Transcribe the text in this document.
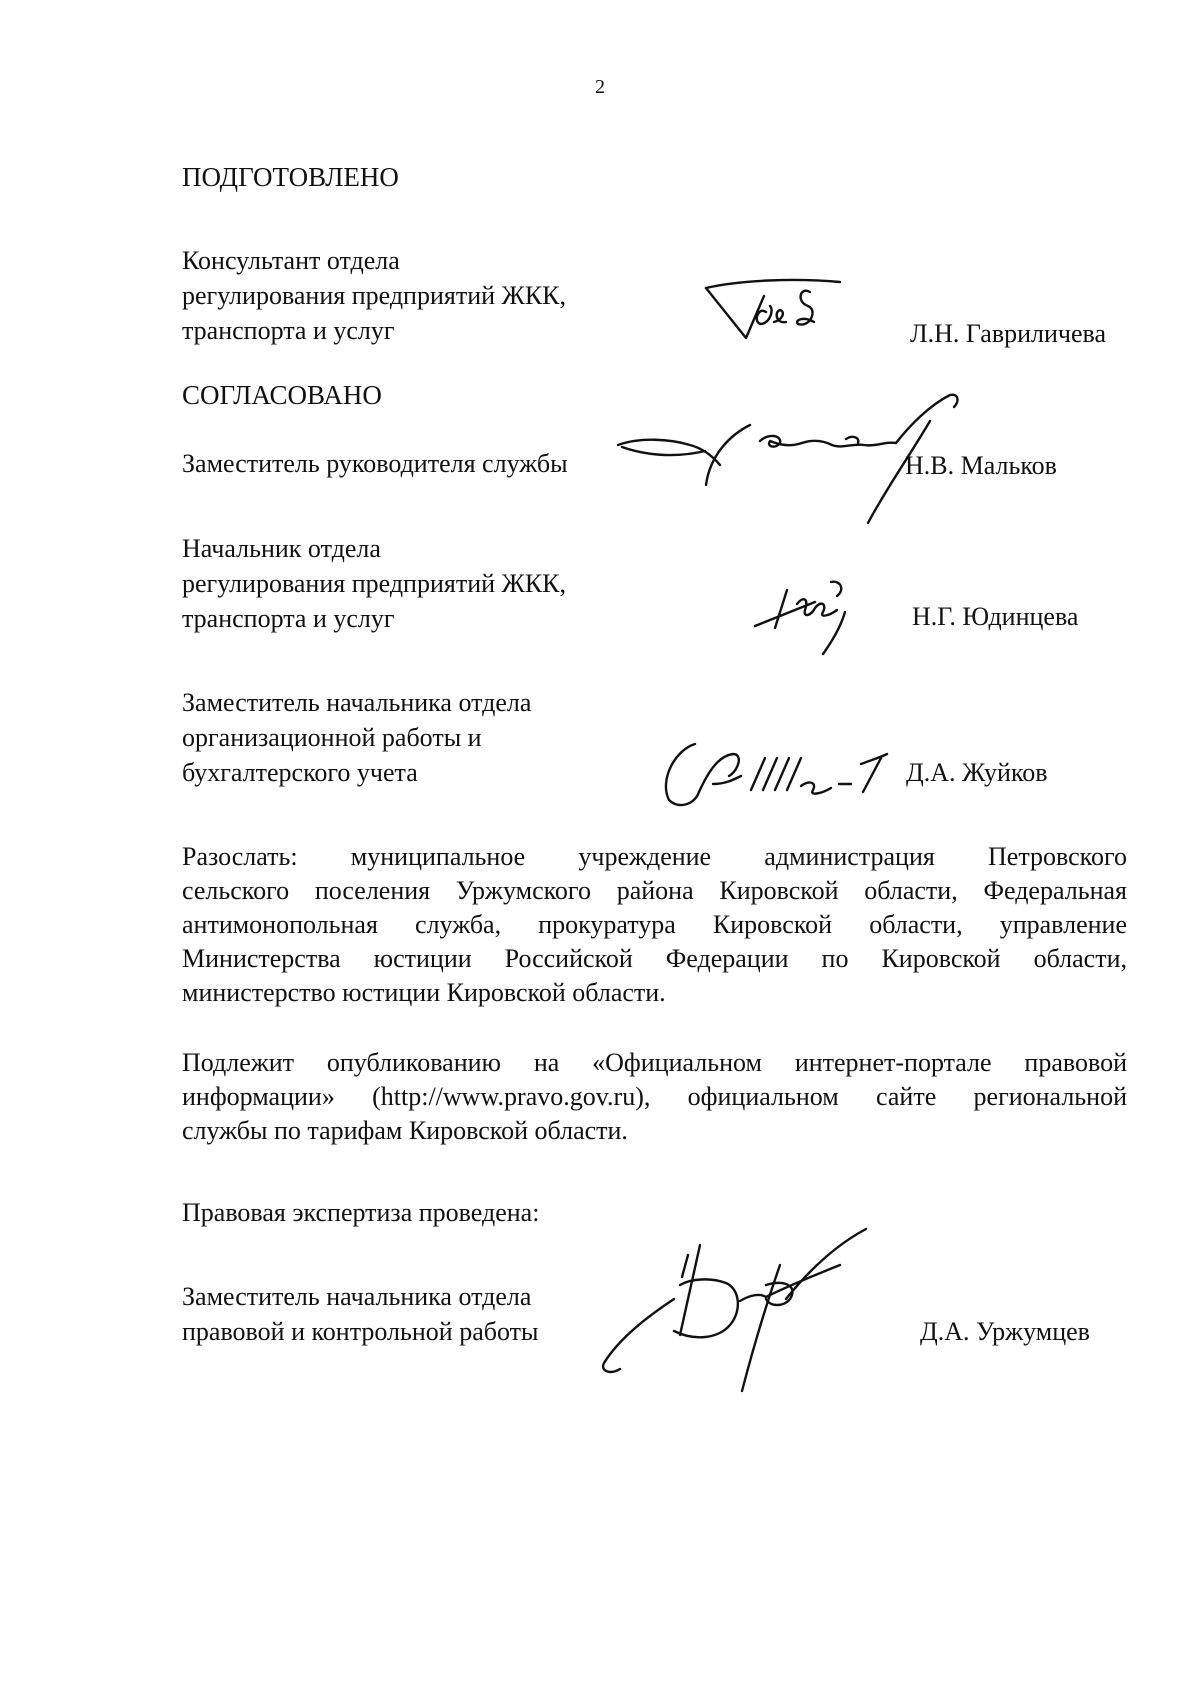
2
ПОДГОТОВЛЕНО
Консультант отдела
регулирования предприятий ЖКК,
транспорта и услуг	Л.Н. Гавриличева
СОГЛАСОВАНО
Заместитель руководителя службы	Н.В. Мальков
Начальник отдела
регулирования предприятий ЖКК,
транспорта и услуг	Н.Г. Юдинцева
Заместитель начальника отдела
организационной работы и
бухгалтерского учета	Д.А. Жуйков
Разослать: муниципальное учреждение администрация Петровского
сельского поселения Уржумского района Кировской области, Федеральная
антимонопольная служба, прокуратура Кировской области, управление
Министерства юстиции Российской Федерации по Кировской области,
министерство юстиции Кировской области.
Подлежит опубликованию на «Официальном интернет-портале правовой
информации» (http://www.pravo.gov.ru), официальном сайте региональной
службы по тарифам Кировской области.
Правовая экспертиза проведена:
Заместитель начальника отдела
правовой и контрольной работы	Д.А. Уржумцев
